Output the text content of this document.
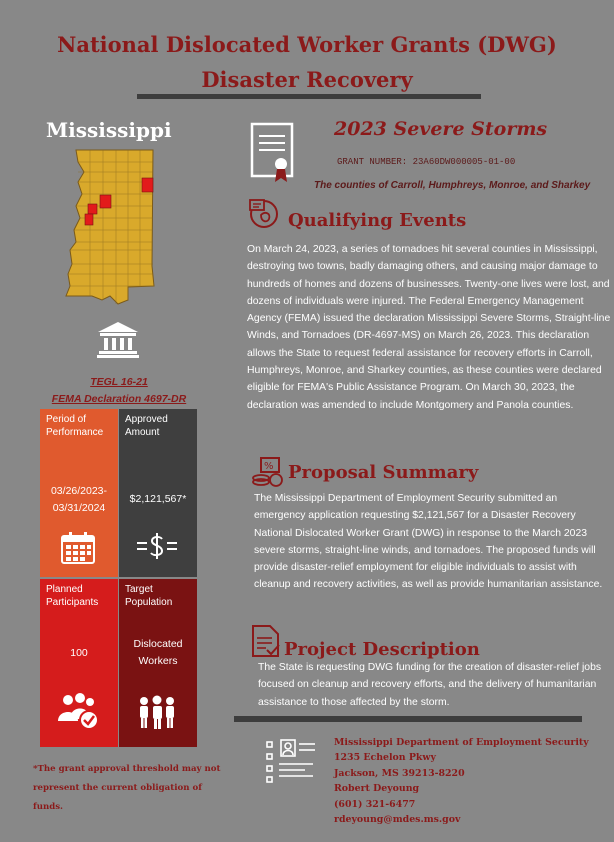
National Dislocated Worker Grants (DWG)
Disaster Recovery
Mississippi
TEGL 16-21
FEMA Declaration 4697-DR
Period of Performance
03/26/2023-
03/31/2024
Approved Amount
$2,121,567*
Planned Participants
100
Target Population
Dislocated
Workers
*The grant approval threshold may not represent the current obligation of funds.
2023 Severe Storms
GRANT NUMBER: 23A60DW000005-01-00
The counties of Carroll, Humphreys, Monroe, and Sharkey
Qualifying Events
On March 24, 2023, a series of tornadoes hit several counties in Mississippi, destroying two towns, badly damaging others, and causing major damage to hundreds of homes and dozens of businesses. Twenty-one lives were lost, and dozens of individuals were injured. The Federal Emergency Management Agency (FEMA) issued the declaration Mississippi Severe Storms, Straight-line Winds, and Tornadoes (DR-4697-MS) on March 26, 2023. This declaration allows the State to request federal assistance for recovery efforts in Carroll, Humphreys, Monroe, and Sharkey counties, as these counties were declared eligible for FEMA's Public Assistance Program. On March 30, 2023, the declaration was amended to include Montgomery and Panola counties.
% Proposal Summary
The Mississippi Department of Employment Security submitted an emergency application requesting $2,121,567 for a Disaster Recovery National Dislocated Worker Grant (DWG) in response to the March 2023 severe storms, straight-line winds, and tornadoes. The proposed funds will provide disaster-relief employment for eligible individuals to assist with cleanup and recovery activities, as well as provide humanitarian assistance.
Project Description
The State is requesting DWG funding for the creation of disaster-relief jobs focused on cleanup and recovery efforts, and the delivery of humanitarian assistance to those affected by the storm.
Mississippi Department of Employment Security
1235 Echelon Pkwy
Jackson, MS 39213-8220
Robert Deyoung
(601) 321-6477
rdeyoung@mdes.ms.gov
